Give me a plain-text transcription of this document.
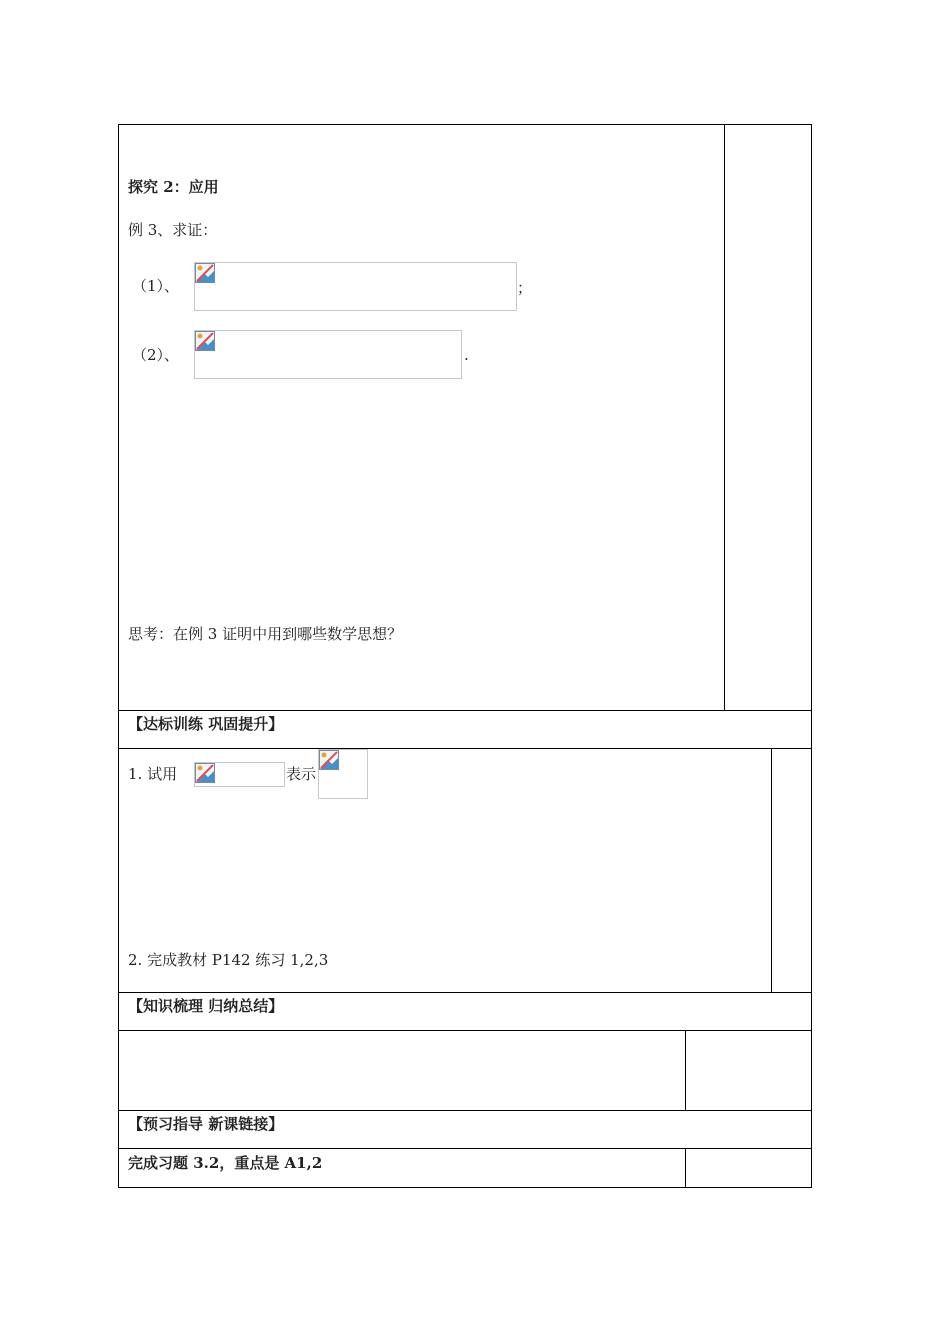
探究 2：应用
例 3、求证：
（1）、	；
（2）、	.
思考：在例 3 证明中用到哪些数学思想？
【达标训练 巩固提升】
1. 试用	表示
2. 完成教材 P142 练习 1,2,3
【知识梳理 归纳总结】
【预习指导 新课链接】
完成习题 3.2，重点是 A1,2
